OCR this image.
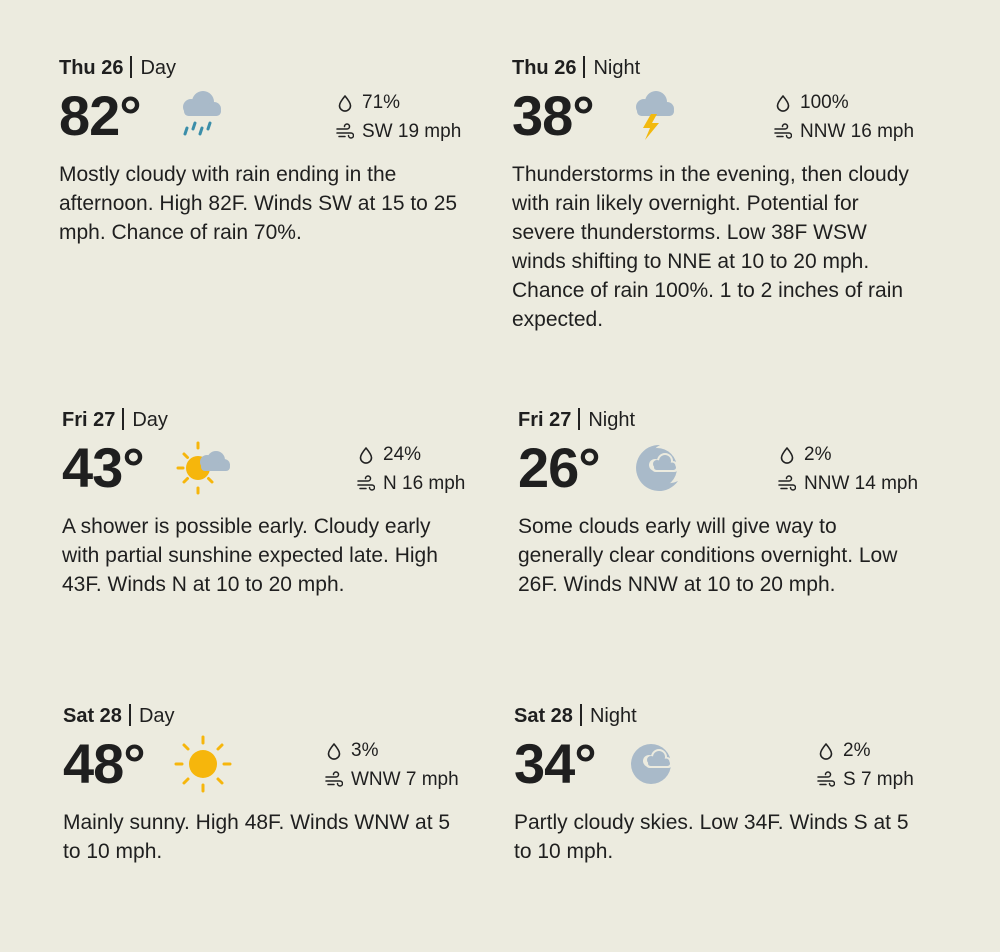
Thu 26 Day
82°	71%
SW 19 mph
Mostly cloudy with rain ending in the afternoon. High 82F. Winds SW at 15 to 25 mph. Chance of rain 70%.
Thu 26 Night
38°	100%
NNW 16 mph
Thunderstorms in the evening, then cloudy with rain likely overnight. Potential for severe thunderstorms. Low 38F WSW winds shifting to NNE at 10 to 20 mph. Chance of rain 100%. 1 to 2 inches of rain expected.
Fri 27 Day
43°	24%
N 16 mph
A shower is possible early. Cloudy early with partial sunshine expected late. High 43F. Winds N at 10 to 20 mph.
Fri 27 Night
26°	2%
NNW 14 mph
Some clouds early will give way to generally clear conditions overnight. Low 26F. Winds NNW at 10 to 20 mph.
Sat 28 Day
48°	3%
WNW 7 mph
Mainly sunny. High 48F. Winds WNW at 5 to 10 mph.
Sat 28 Night
34°	2%
S 7 mph
Partly cloudy skies. Low 34F. Winds S at 5 to 10 mph.
